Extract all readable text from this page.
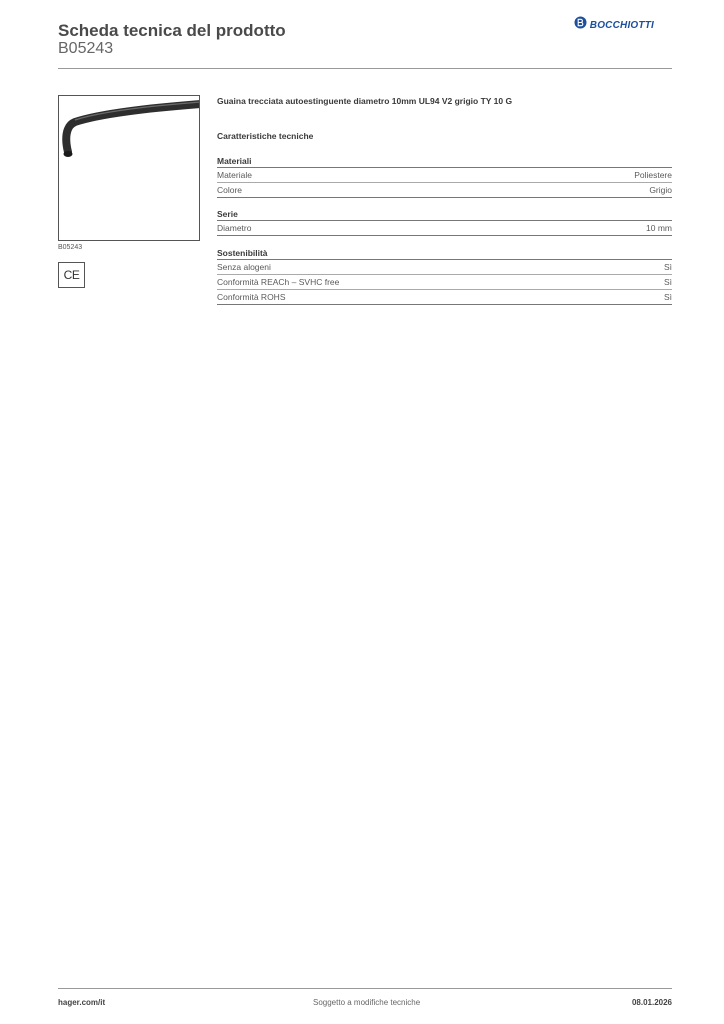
Scheda tecnica del prodotto
B05243
BOCCHIOTTI
B05243
CE
Guaina trecciata autoestinguente diametro 10mm UL94 V2 grigio TY 10 G
Caratteristiche tecniche
Materiali
Materiale	Poliestere
Colore	Grigio
Serie
Diametro	10 mm
Sostenibilità
Senza alogeni	Sì
Conformità REACh – SVHC free	Sì
Conformità ROHS	Sì
hager.com/it	Soggetto a modifiche tecniche	08.01.2026
